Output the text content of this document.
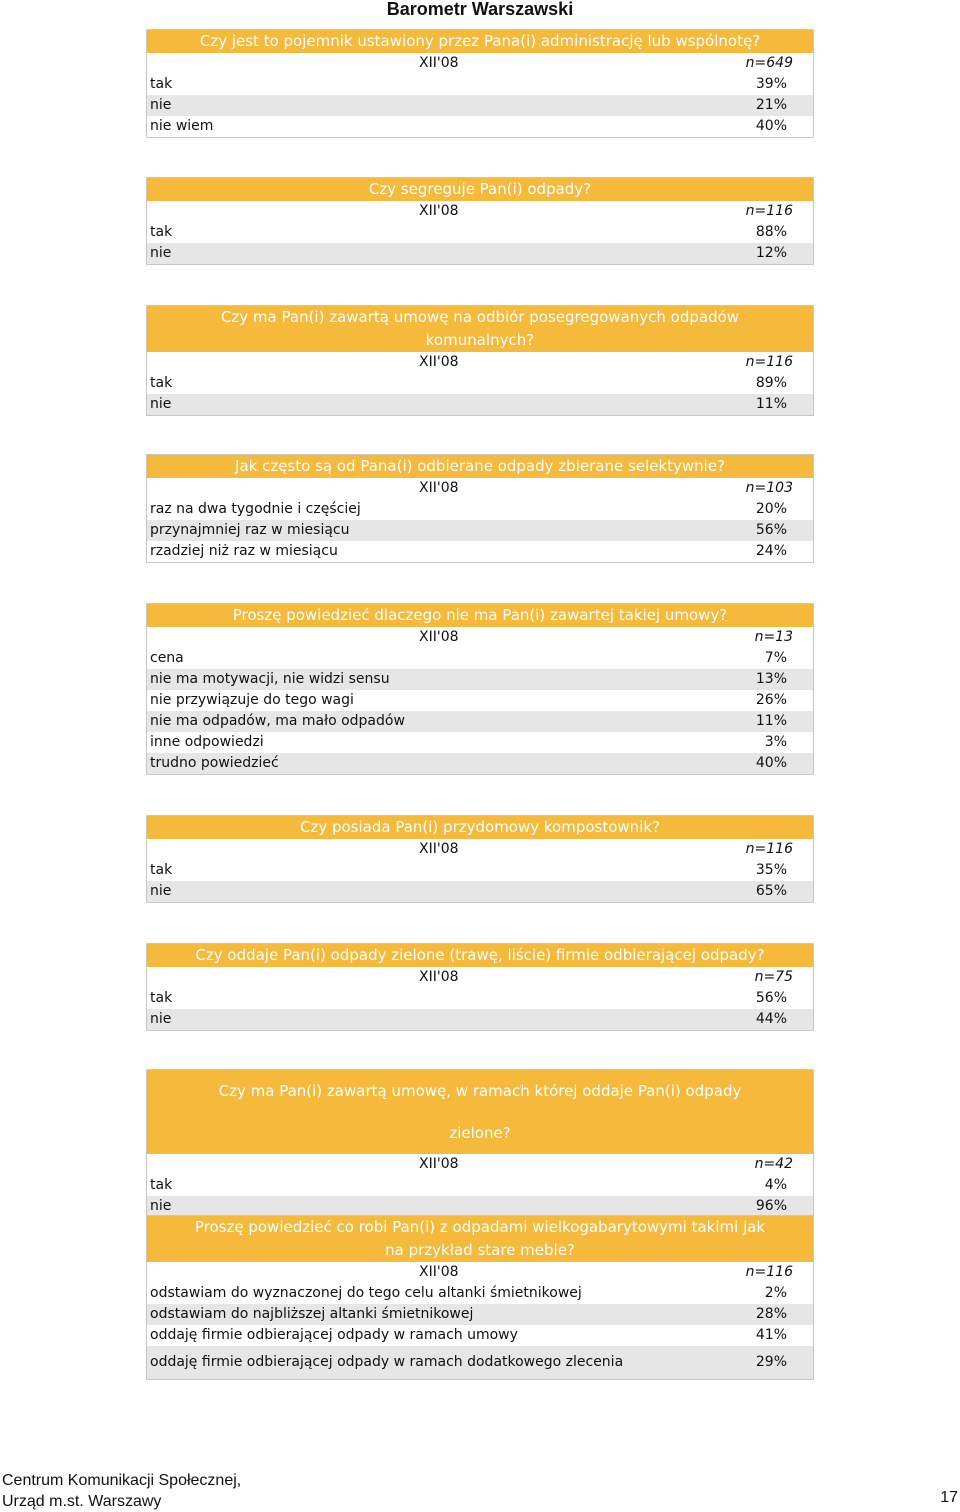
Barometr Warszawski
Czy jest to pojemnik ustawiony przez Pana(i) administrację lub wspólnotę?
XII'08	n=649
tak	39%
nie	21%
nie wiem	40%
Czy segreguje Pan(i) odpady?
XII'08	n=116
tak	88%
nie	12%
Czy ma Pan(i) zawartą umowę na odbiór posegregowanych odpadów komunalnych?
XII'08	n=116
tak	89%
nie	11%
Jak często są od Pana(i) odbierane odpady zbierane selektywnie?
XII'08	n=103
raz na dwa tygodnie i częściej	20%
przynajmniej raz w miesiącu	56%
rzadziej niż raz w miesiącu	24%
Proszę powiedzieć dlaczego nie ma Pan(i) zawartej takiej umowy?
XII'08	n=13
cena	7%
nie ma motywacji, nie widzi sensu	13%
nie przywiązuje do tego wagi	26%
nie ma odpadów, ma mało odpadów	11%
inne odpowiedzi	3%
trudno powiedzieć	40%
Czy posiada Pan(i) przydomowy kompostownik?
XII'08	n=116
tak	35%
nie	65%
Czy oddaje Pan(i) odpady zielone (trawę, liście) firmie odbierającej odpady?
XII'08	n=75
tak	56%
nie	44%
Czy ma Pan(i) zawartą umowę, w ramach której oddaje Pan(i) odpady zielone?
XII'08	n=42
tak	4%
nie	96%
Proszę powiedzieć co robi Pan(i) z odpadami wielkogabarytowymi takimi jak na przykład stare meble?
XII'08	n=116
odstawiam do wyznaczonej do tego celu altanki śmietnikowej	2%
odstawiam do najbliższej altanki śmietnikowej	28%
oddaję firmie odbierającej odpady w ramach umowy	41%
oddaję firmie odbierającej odpady w ramach dodatkowego zlecenia	29%
Centrum Komunikacji Społecznej,
Urząd m.st. Warszawy	17
